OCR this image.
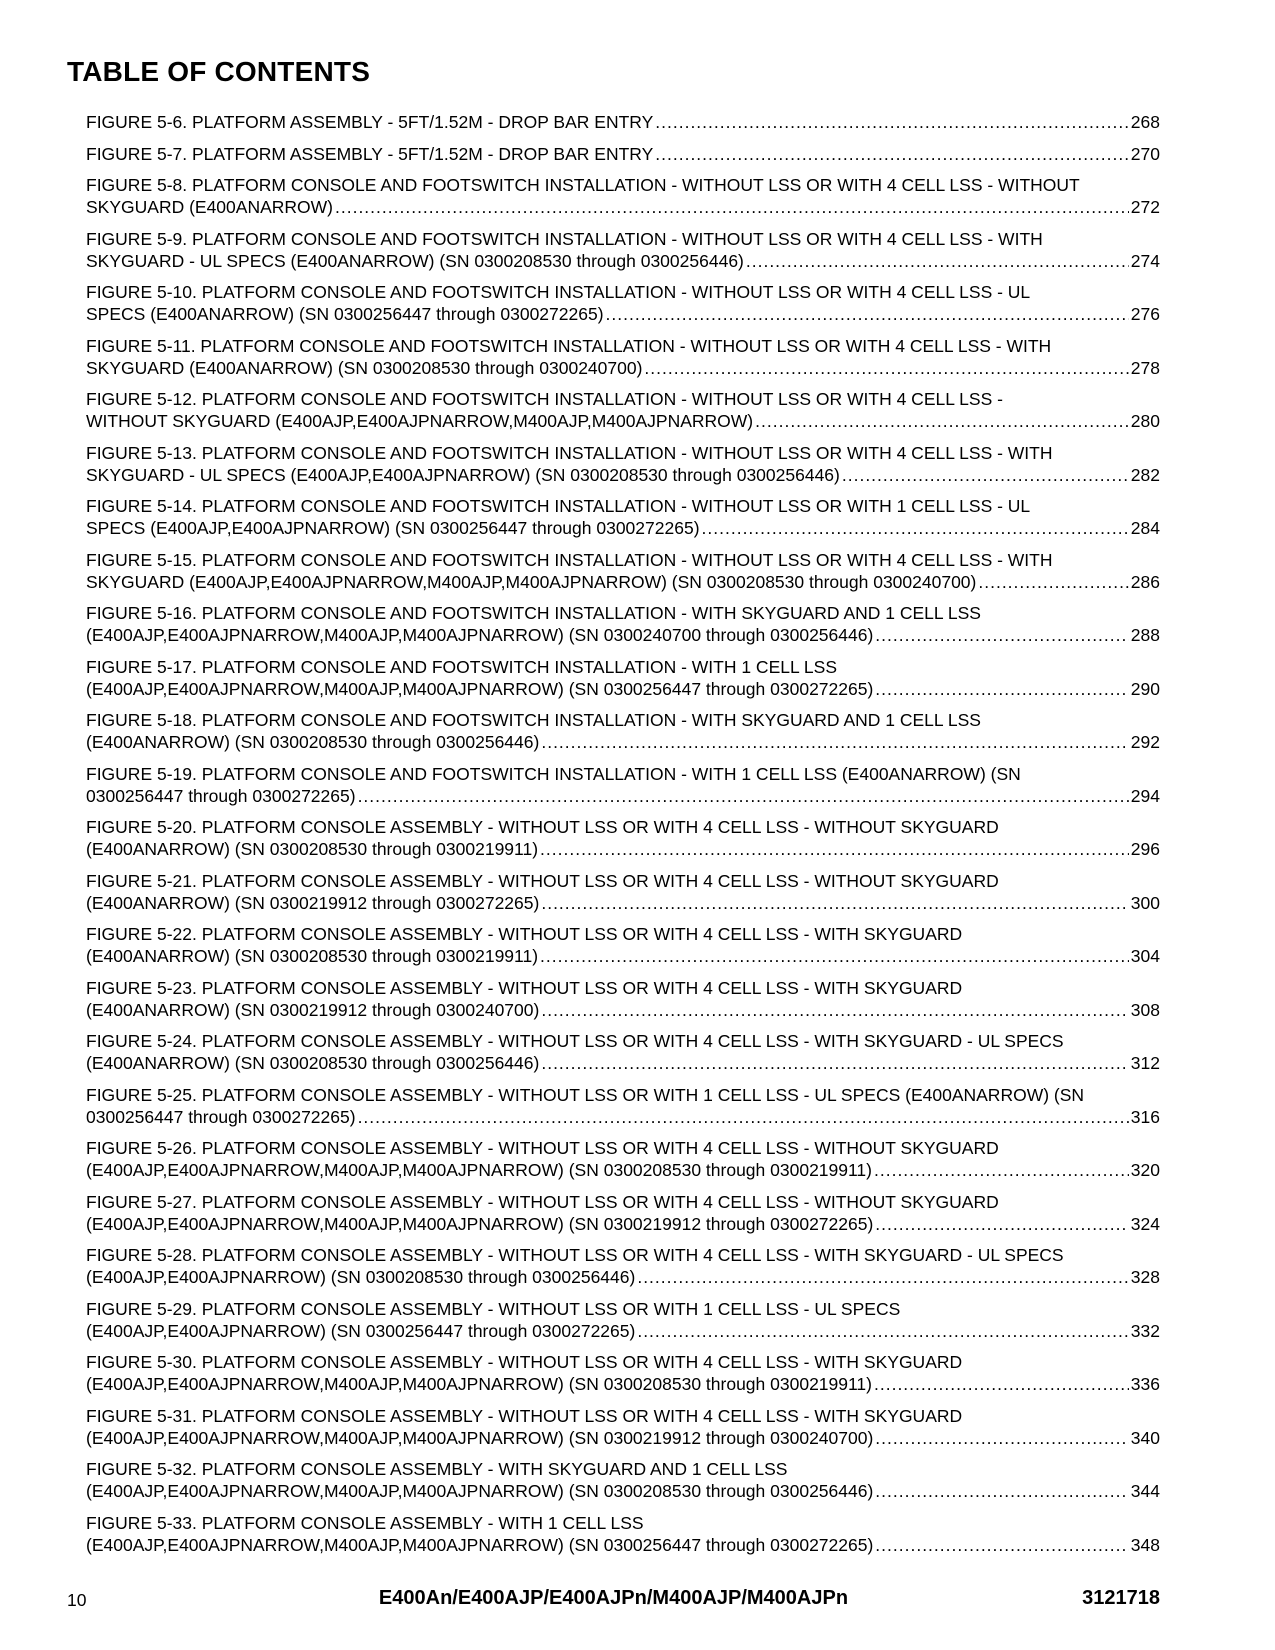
TABLE OF CONTENTS
FIGURE 5-6. PLATFORM ASSEMBLY - 5FT/1.52M - DROP BAR ENTRY .....	268
FIGURE 5-7. PLATFORM ASSEMBLY - 5FT/1.52M - DROP BAR ENTRY .....	270
FIGURE 5-8. PLATFORM CONSOLE AND FOOTSWITCH INSTALLATION - WITHOUT LSS OR WITH 4 CELL LSS - WITHOUT
SKYGUARD (E400ANARROW) .....	272
FIGURE 5-9. PLATFORM CONSOLE AND FOOTSWITCH INSTALLATION - WITHOUT LSS OR WITH 4 CELL LSS - WITH
SKYGUARD - UL SPECS (E400ANARROW) (SN 0300208530 through 0300256446) .....	274
FIGURE 5-10. PLATFORM CONSOLE AND FOOTSWITCH INSTALLATION - WITHOUT LSS OR WITH 4 CELL LSS - UL
SPECS (E400ANARROW) (SN 0300256447 through 0300272265) .....	276
FIGURE 5-11. PLATFORM CONSOLE AND FOOTSWITCH INSTALLATION - WITHOUT LSS OR WITH 4 CELL LSS - WITH
SKYGUARD (E400ANARROW) (SN 0300208530 through 0300240700) .....	278
FIGURE 5-12. PLATFORM CONSOLE AND FOOTSWITCH INSTALLATION - WITHOUT LSS OR WITH 4 CELL LSS -
WITHOUT SKYGUARD (E400AJP,E400AJPNARROW,M400AJP,M400AJPNARROW) .....	280
FIGURE 5-13. PLATFORM CONSOLE AND FOOTSWITCH INSTALLATION - WITHOUT LSS OR WITH 4 CELL LSS - WITH
SKYGUARD - UL SPECS (E400AJP,E400AJPNARROW) (SN 0300208530 through 0300256446) .....	282
FIGURE 5-14. PLATFORM CONSOLE AND FOOTSWITCH INSTALLATION - WITHOUT LSS OR WITH 1 CELL LSS - UL
SPECS (E400AJP,E400AJPNARROW) (SN 0300256447 through 0300272265) .....	284
FIGURE 5-15. PLATFORM CONSOLE AND FOOTSWITCH INSTALLATION - WITHOUT LSS OR WITH 4 CELL LSS - WITH
SKYGUARD (E400AJP,E400AJPNARROW,M400AJP,M400AJPNARROW) (SN 0300208530 through 0300240700) .....	286
FIGURE 5-16. PLATFORM CONSOLE AND FOOTSWITCH INSTALLATION - WITH SKYGUARD AND 1 CELL LSS
(E400AJP,E400AJPNARROW,M400AJP,M400AJPNARROW) (SN 0300240700 through 0300256446) .....	288
FIGURE 5-17. PLATFORM CONSOLE AND FOOTSWITCH INSTALLATION - WITH 1 CELL LSS
(E400AJP,E400AJPNARROW,M400AJP,M400AJPNARROW) (SN 0300256447 through 0300272265) .....	290
FIGURE 5-18. PLATFORM CONSOLE AND FOOTSWITCH INSTALLATION - WITH SKYGUARD AND 1 CELL LSS
(E400ANARROW) (SN 0300208530 through 0300256446) .....	292
FIGURE 5-19. PLATFORM CONSOLE AND FOOTSWITCH INSTALLATION - WITH 1 CELL LSS (E400ANARROW) (SN
0300256447 through 0300272265) .....	294
FIGURE 5-20. PLATFORM CONSOLE ASSEMBLY - WITHOUT LSS OR WITH 4 CELL LSS - WITHOUT SKYGUARD
(E400ANARROW) (SN 0300208530 through 0300219911) .....	296
FIGURE 5-21. PLATFORM CONSOLE ASSEMBLY - WITHOUT LSS OR WITH 4 CELL LSS - WITHOUT SKYGUARD
(E400ANARROW) (SN 0300219912 through 0300272265) .....	300
FIGURE 5-22. PLATFORM CONSOLE ASSEMBLY - WITHOUT LSS OR WITH 4 CELL LSS - WITH SKYGUARD
(E400ANARROW) (SN 0300208530 through 0300219911) .....	304
FIGURE 5-23. PLATFORM CONSOLE ASSEMBLY - WITHOUT LSS OR WITH 4 CELL LSS - WITH SKYGUARD
(E400ANARROW) (SN 0300219912 through 0300240700) .....	308
FIGURE 5-24. PLATFORM CONSOLE ASSEMBLY - WITHOUT LSS OR WITH 4 CELL LSS - WITH SKYGUARD - UL SPECS
(E400ANARROW) (SN 0300208530 through 0300256446) .....	312
FIGURE 5-25. PLATFORM CONSOLE ASSEMBLY - WITHOUT LSS OR WITH 1 CELL LSS - UL SPECS (E400ANARROW) (SN
0300256447 through 0300272265) .....	316
FIGURE 5-26. PLATFORM CONSOLE ASSEMBLY - WITHOUT LSS OR WITH 4 CELL LSS - WITHOUT SKYGUARD
(E400AJP,E400AJPNARROW,M400AJP,M400AJPNARROW) (SN 0300208530 through 0300219911) .....	320
FIGURE 5-27. PLATFORM CONSOLE ASSEMBLY - WITHOUT LSS OR WITH 4 CELL LSS - WITHOUT SKYGUARD
(E400AJP,E400AJPNARROW,M400AJP,M400AJPNARROW) (SN 0300219912 through 0300272265) .....	324
FIGURE 5-28. PLATFORM CONSOLE ASSEMBLY - WITHOUT LSS OR WITH 4 CELL LSS - WITH SKYGUARD - UL SPECS
(E400AJP,E400AJPNARROW) (SN 0300208530 through 0300256446) .....	328
FIGURE 5-29. PLATFORM CONSOLE ASSEMBLY - WITHOUT LSS OR WITH 1 CELL LSS - UL SPECS
(E400AJP,E400AJPNARROW) (SN 0300256447 through 0300272265) .....	332
FIGURE 5-30. PLATFORM CONSOLE ASSEMBLY - WITHOUT LSS OR WITH 4 CELL LSS - WITH SKYGUARD
(E400AJP,E400AJPNARROW,M400AJP,M400AJPNARROW) (SN 0300208530 through 0300219911) .....	336
FIGURE 5-31. PLATFORM CONSOLE ASSEMBLY - WITHOUT LSS OR WITH 4 CELL LSS - WITH SKYGUARD
(E400AJP,E400AJPNARROW,M400AJP,M400AJPNARROW) (SN 0300219912 through 0300240700) .....	340
FIGURE 5-32. PLATFORM CONSOLE ASSEMBLY - WITH SKYGUARD AND 1 CELL LSS
(E400AJP,E400AJPNARROW,M400AJP,M400AJPNARROW) (SN 0300208530 through 0300256446) .....	344
FIGURE 5-33. PLATFORM CONSOLE ASSEMBLY - WITH 1 CELL LSS
(E400AJP,E400AJPNARROW,M400AJP,M400AJPNARROW) (SN 0300256447 through 0300272265) .....	348
10	E400An/E400AJP/E400AJPn/M400AJP/M400AJPn	3121718
